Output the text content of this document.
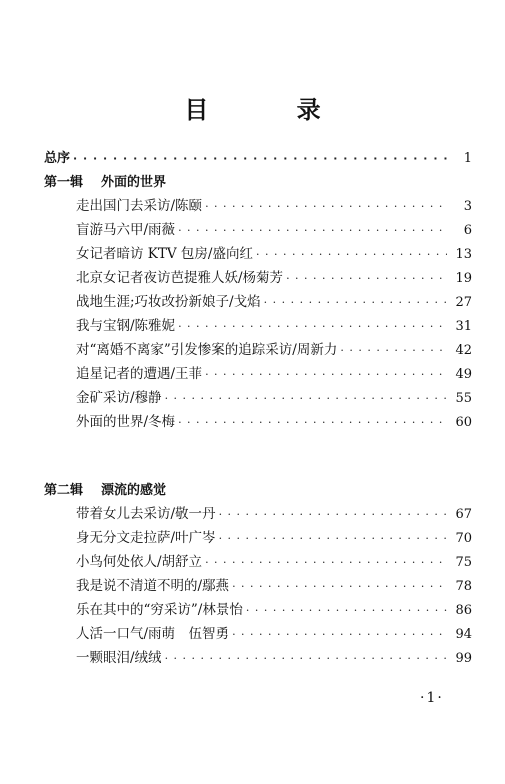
目 录
总序 · · ·	1
第一辑 外面的世界
走出国门去采访/陈颐 · · ·	3
盲游马六甲/雨薇 · · ·	6
女记者暗访 KTV 包房/盛向红 · · ·	13
北京女记者夜访芭提雅人妖/杨菊芳 · · ·	19
战地生涯;巧妆改扮新娘子/戈焰 · · ·	27
我与宝钢/陈雅妮 · · ·	31
对“离婚不离家”引发惨案的追踪采访/周新力 · · ·	42
追星记者的遭遇/王菲 · · ·	49
金矿采访/穆静 · · ·	55
外面的世界/冬梅 · · ·	60
第二辑 漂流的感觉
带着女儿去采访/敬一丹 · · ·	67
身无分文走拉萨/叶广岑 · · ·	70
小鸟何处依人/胡舒立 · · ·	75
我是说不清道不明的/鄢燕 · · ·	78
乐在其中的“穷采访”/林景怡 · · ·	86
人活一口气/雨萌　伍智勇 · · ·	94
一颗眼泪/绒绒 · · ·	99
·1·
